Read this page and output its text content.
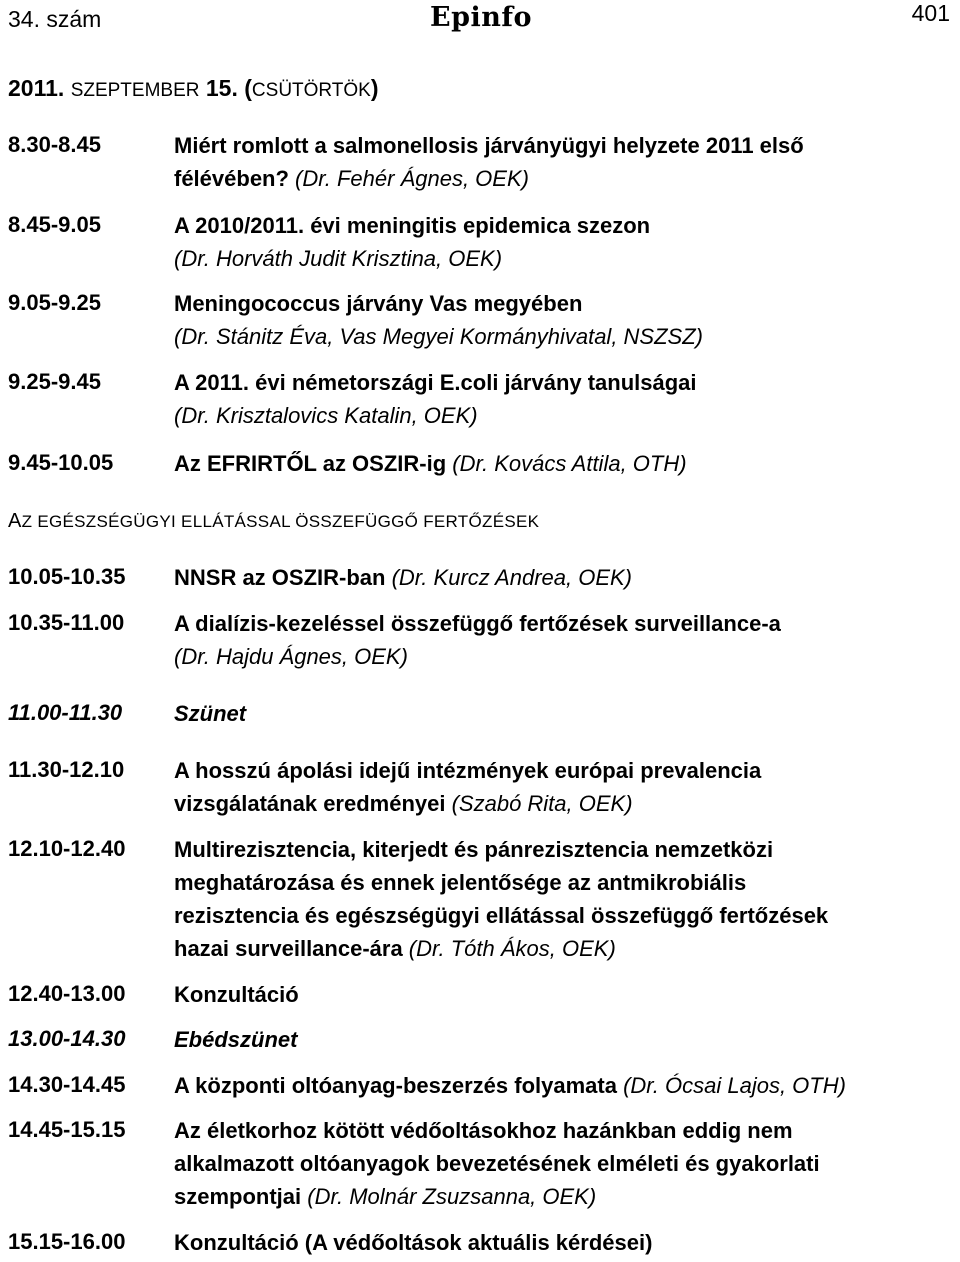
34. szám	Epinfo	401
2011. SZEPTEMBER 15. (CSÜTÖRTÖK)
8.30-8.45	Miért romlott a salmonellosis járványügyi helyzete 2011 első
félévében? (Dr. Fehér Ágnes, OEK)
8.45-9.05	A 2010/2011. évi meningitis epidemica szezon
(Dr. Horváth Judit Krisztina, OEK)
9.05-9.25	Meningococcus járvány Vas megyében
(Dr. Stánitz Éva, Vas Megyei Kormányhivatal, NSZSZ)
9.25-9.45	A 2011. évi németországi E.coli járvány tanulságai
(Dr. Krisztalovics Katalin, OEK)
9.45-10.05	Az EFRIRTŐL az OSZIR-ig (Dr. Kovács Attila, OTH)
AZ EGÉSZSÉGÜGYI ELLÁTÁSSAL ÖSSZEFÜGGŐ FERTŐZÉSEK
10.05-10.35	NNSR az OSZIR-ban (Dr. Kurcz Andrea, OEK)
10.35-11.00	A dialízis-kezeléssel összefüggő fertőzések surveillance-a
(Dr. Hajdu Ágnes, OEK)
11.00-11.30	Szünet
11.30-12.10	A hosszú ápolási idejű intézmények európai prevalencia
vizsgálatának eredményei (Szabó Rita, OEK)
12.10-12.40	Multirezisztencia, kiterjedt és pánrezisztencia nemzetközi
meghatározása és ennek jelentősége az antmikrobiális
rezisztencia és egészségügyi ellátással összefüggő fertőzések
hazai surveillance-ára (Dr. Tóth Ákos, OEK)
12.40-13.00	Konzultáció
13.00-14.30	Ebédszünet
14.30-14.45	A központi oltóanyag-beszerzés folyamata (Dr. Ócsai Lajos, OTH)
14.45-15.15	Az életkorhoz kötött védőoltásokhoz hazánkban eddig nem
alkalmazott oltóanyagok bevezetésének elméleti és gyakorlati
szempontjai (Dr. Molnár Zsuzsanna, OEK)
15.15-16.00	Konzultáció (A védőoltások aktuális kérdései)
